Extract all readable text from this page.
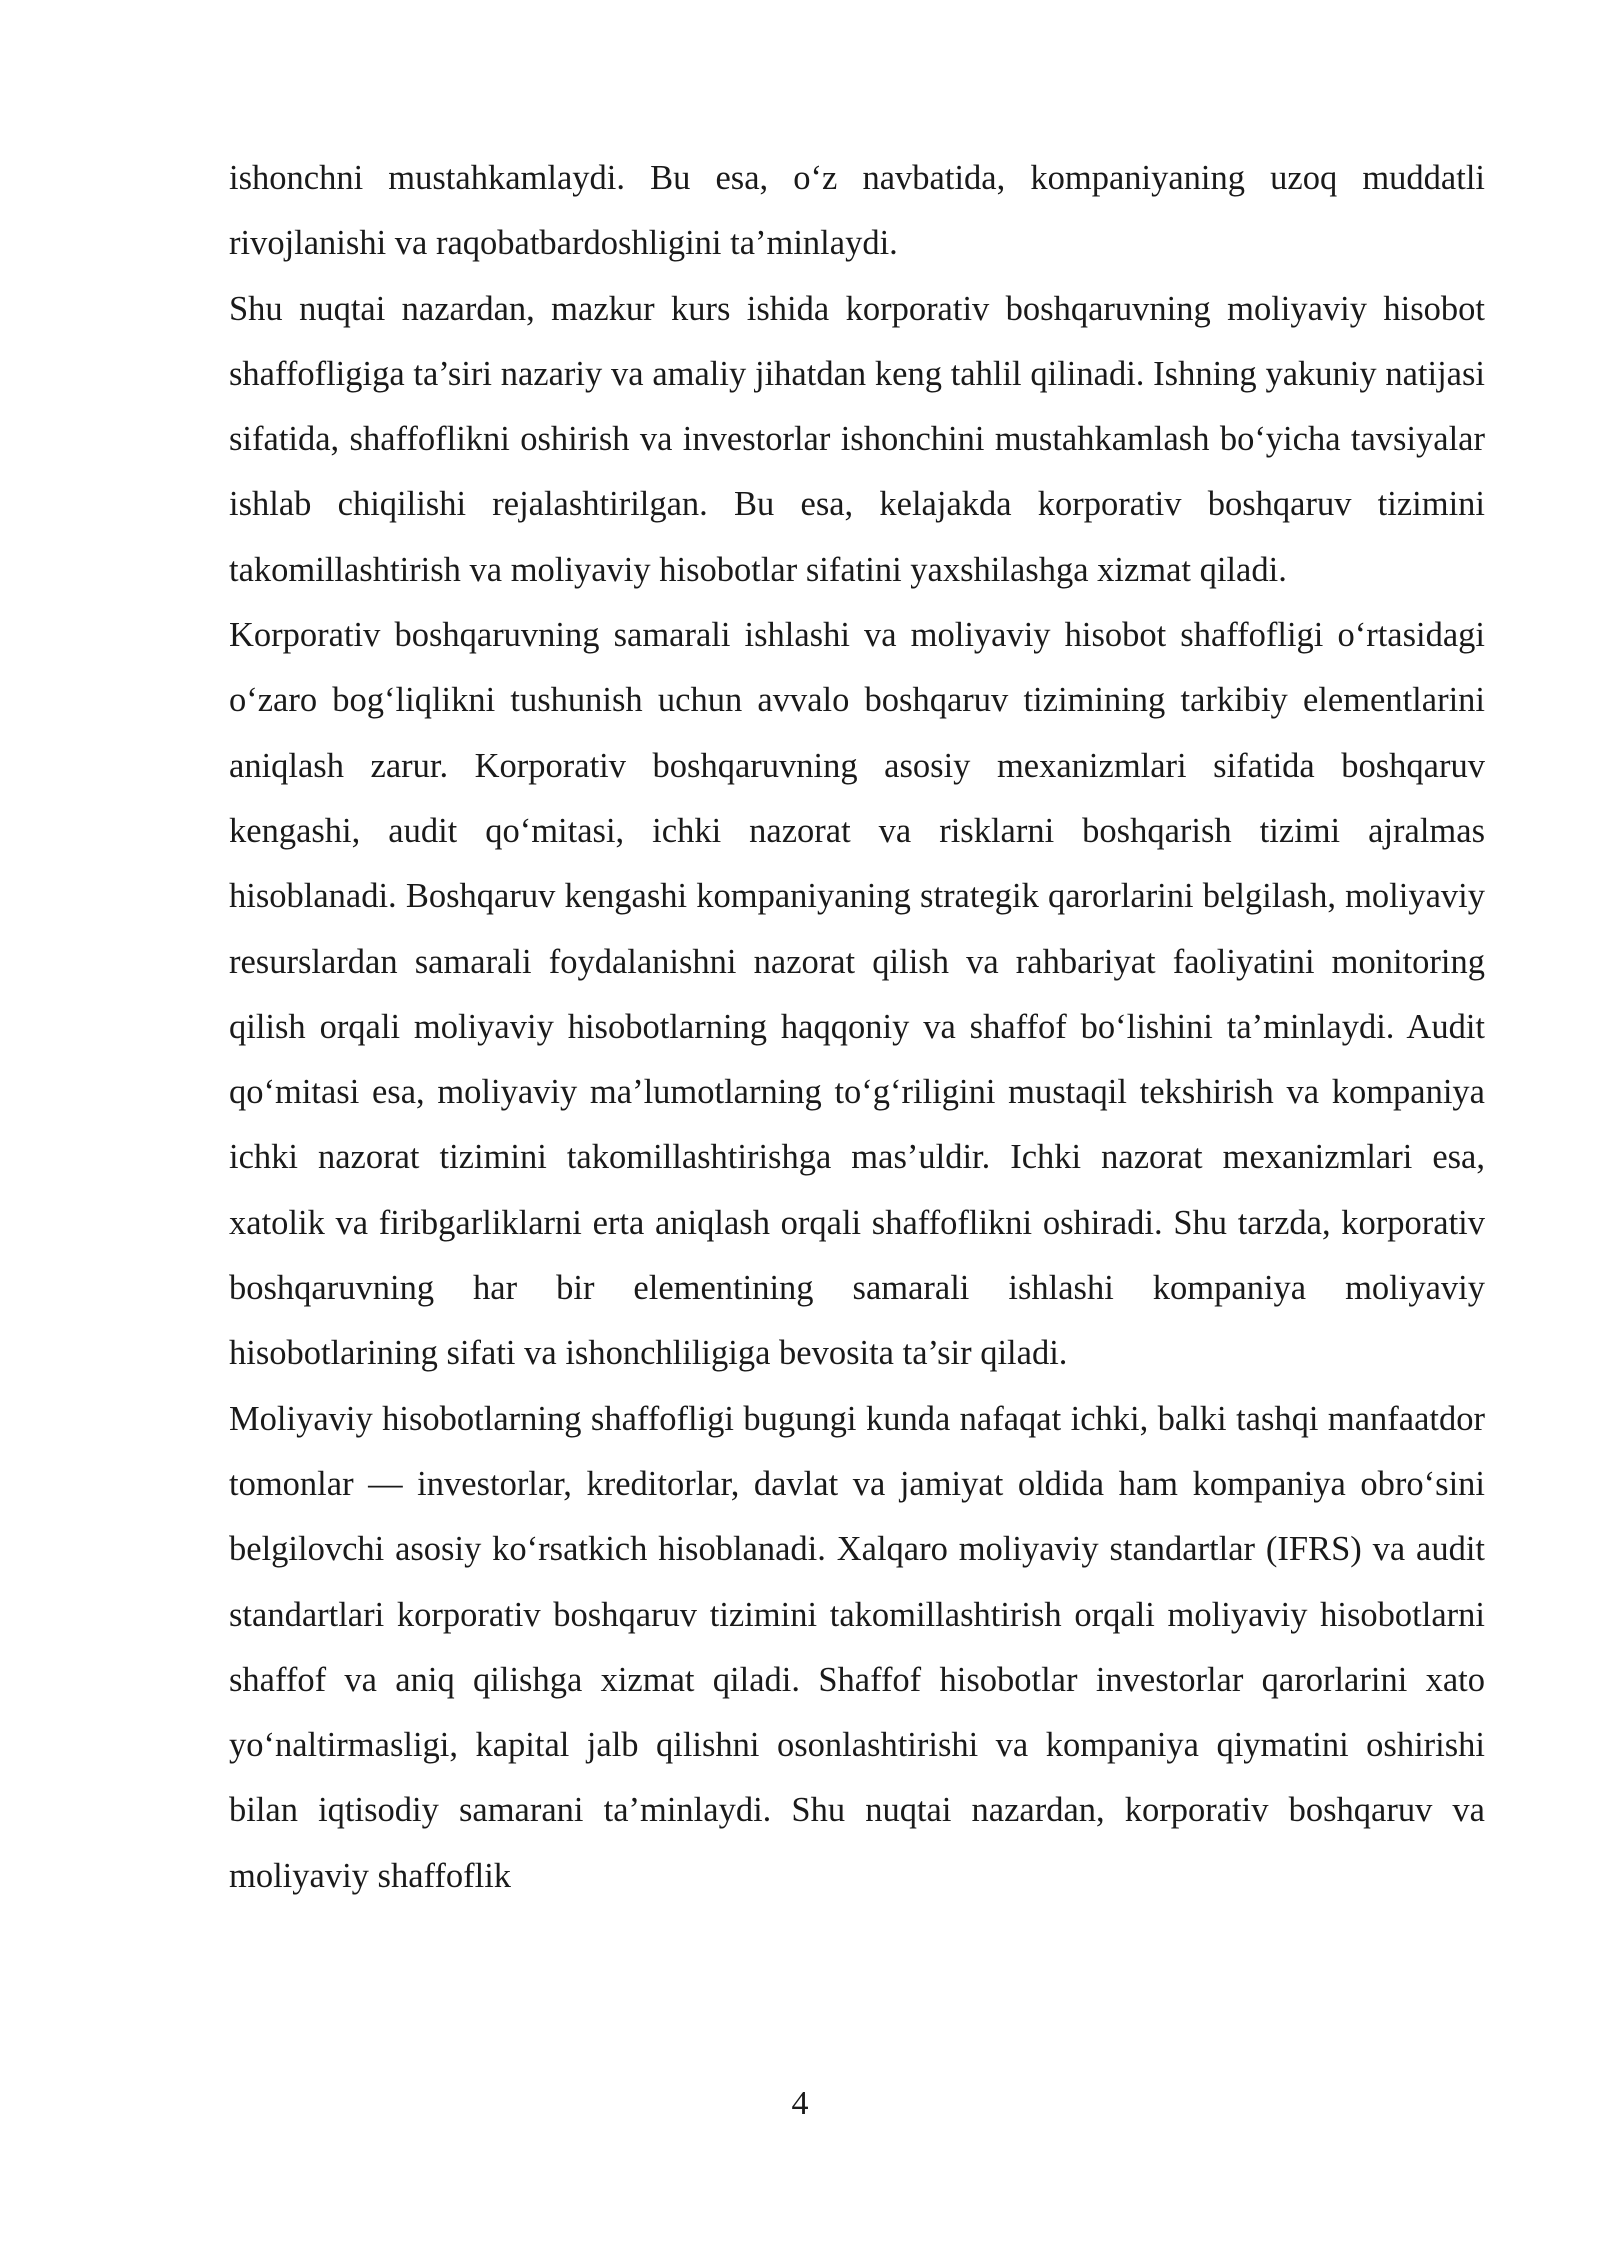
ishonchni mustahkamlaydi. Bu esa, o‘z navbatida, kompaniyaning uzoq muddatli rivojlanishi va raqobatbardoshligini ta’minlaydi.

Shu nuqtai nazardan, mazkur kurs ishida korporativ boshqaruvning moliyaviy hisobot shaffofligiga ta’siri nazariy va amaliy jihatdan keng tahlil qilinadi. Ishning yakuniy natijasi sifatida, shaffoflikni oshirish va investorlar ishonchini mustahkamlash bo‘yicha tavsiyalar ishlab chiqilishi rejalashtirilgan. Bu esa, kelajakda korporativ boshqaruv tizimini takomillashtirish va moliyaviy hisobotlar sifatini yaxshilashga xizmat qiladi.

Korporativ boshqaruvning samarali ishlashi va moliyaviy hisobot shaffofligi o‘rtasidagi o‘zaro bog‘liqlikni tushunish uchun avvalo boshqaruv tizimining tarkibiy elementlarini aniqlash zarur. Korporativ boshqaruvning asosiy mexanizmlari sifatida boshqaruv kengashi, audit qo‘mitasi, ichki nazorat va risklarni boshqarish tizimi ajralmas hisoblanadi. Boshqaruv kengashi kompaniyaning strategik qarorlarini belgilash, moliyaviy resurslardan samarali foydalanishni nazorat qilish va rahbariyat faoliyatini monitoring qilish orqali moliyaviy hisobotlarning haqqoniy va shaffof bo‘lishini ta’minlaydi. Audit qo‘mitasi esa, moliyaviy ma’lumotlarning to‘g‘riligini mustaqil tekshirish va kompaniya ichki nazorat tizimini takomillashtirishga mas’uldir. Ichki nazorat mexanizmlari esa, xatolik va firibgarliklarni erta aniqlash orqali shaffoflikni oshiradi. Shu tarzda, korporativ boshqaruvning har bir elementining samarali ishlashi kompaniya moliyaviy hisobotlarining sifati va ishonchliligiga bevosita ta’sir qiladi.

Moliyaviy hisobotlarning shaffofligi bugungi kunda nafaqat ichki, balki tashqi manfaatdor tomonlar — investorlar, kreditorlar, davlat va jamiyat oldida ham kompaniya obro‘sini belgilovchi asosiy ko‘rsatkich hisoblanadi. Xalqaro moliyaviy standartlar (IFRS) va audit standartlari korporativ boshqaruv tizimini takomillashtirish orqali moliyaviy hisobotlarni shaffof va aniq qilishga xizmat qiladi. Shaffof hisobotlar investorlar qarorlarini xato yo‘naltirmasligi, kapital jalb qilishni osonlashtirishi va kompaniya qiymatini oshirishi bilan iqtisodiy samarani ta’minlaydi. Shu nuqtai nazardan, korporativ boshqaruv va moliyaviy shaffoflik

4
